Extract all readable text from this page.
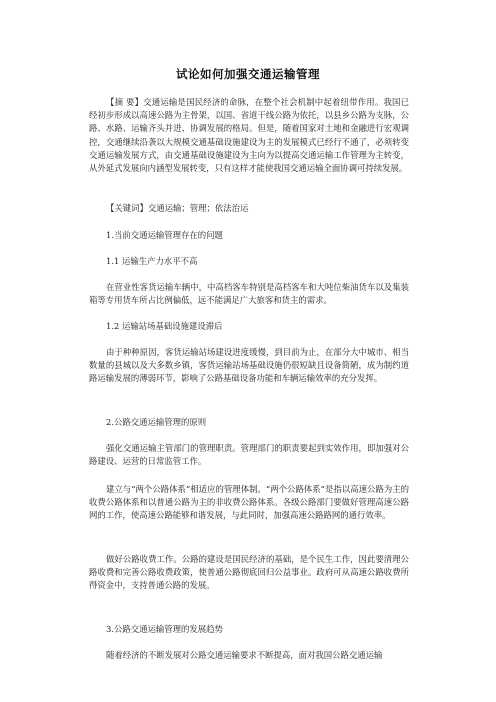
试论如何加强交通运输管理

【摘 要】交通运输是国民经济的命脉，在整个社会机制中起着纽带作用。我国已经初步形成以高速公路为主骨架，以国、省道干线公路为依托，以县乡公路为支脉，公路、水路、运输齐头并进、协调发展的格局。但是，随着国家对土地和金融进行宏观调控，交通继续沿袭以大规模交通基础设施建设为主的发展模式已经行不通了，必须转变交通运输发展方式，由交通基础设施建设为主向为以提高交通运输工作管理为主转变，从外延式发展向内涵型发展转变，只有这样才能使我国交通运输全面协调可持续发展。

【关键词】交通运输；管理；依法治运

1.当前交通运输管理存在的问题

1.1 运输生产力水平不高

在营业性客货运输车辆中，中高档客车特别是高档客车和大吨位柴油货车以及集装箱等专用货车所占比例偏低，远不能满足广大旅客和货主的需求。

1.2 运输站场基础设施建设滞后

由于种种原因，客货运输站场建设进度缓慢，到目前为止，在部分大中城市、相当数量的县城以及大多数乡镇，客货运输站场基础设施仍很短缺且设备简陋，成为制约道路运输发展的薄弱环节，影响了公路基础设备功能和车辆运输效率的充分发挥。

2.公路交通运输管理的原则

强化交通运输主管部门的管理职责。管理部门的职责要起到实效作用，即加强对公路建设、运营的日常监管工作。

建立与“两个公路体系”相适应的管理体制。“两个公路体系”是指以高速公路为主的收费公路体系和以普通公路为主的非收费公路体系。各级公路部门要做好管理高速公路网的工作，使高速公路能够和谐发展，与此同时，加强高速公路路网的通行效率。

做好公路收费工作。公路的建设是国民经济的基础，是个民生工作，因此要清理公路收费和完善公路收费政策，使普通公路彻底回归公益事业。政府可从高速公路收费所得资金中，支持普通公路的发展。

3.公路交通运输管理的发展趋势

随着经济的不断发展对公路交通运输要求不断提高，面对我国公路交通运输
